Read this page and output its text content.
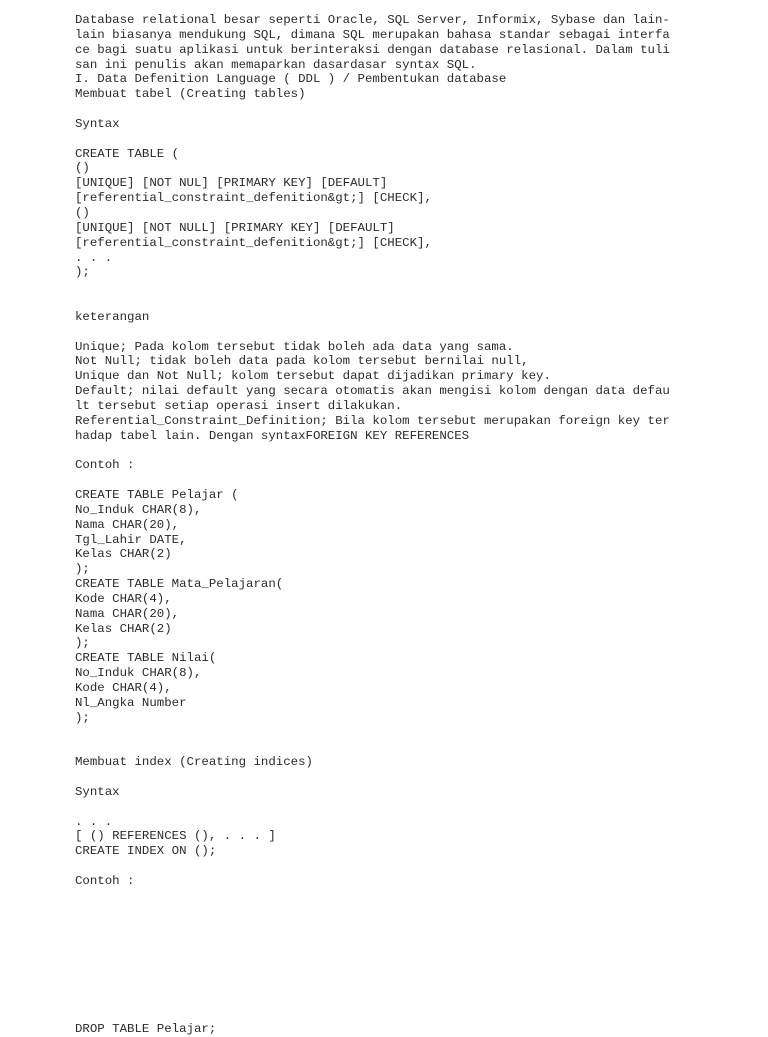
Database relational besar seperti Oracle, SQL Server, Informix, Sybase dan lain-
lain biasanya mendukung SQL, dimana SQL merupakan bahasa standar sebagai interfa
ce bagi suatu aplikasi untuk berinteraksi dengan database relasional. Dalam tuli
san ini penulis akan memaparkan dasardasar syntax SQL.
I. Data Defenition Language ( DDL ) / Pembentukan database
Membuat tabel (Creating tables)
Syntax
CREATE TABLE (
()
[UNIQUE] [NOT NUL] [PRIMARY KEY] [DEFAULT]
[referential_constraint_defenition&gt;] [CHECK],
()
[UNIQUE] [NOT NULL] [PRIMARY KEY] [DEFAULT]
[referential_constraint_defenition&gt;] [CHECK],
. . .
);
keterangan
Unique; Pada kolom tersebut tidak boleh ada data yang sama.
Not Null; tidak boleh data pada kolom tersebut bernilai null,
Unique dan Not Null; kolom tersebut dapat dijadikan primary key.
Default; nilai default yang secara otomatis akan mengisi kolom dengan data defau
lt tersebut setiap operasi insert dilakukan.
Referential_Constraint_Definition; Bila kolom tersebut merupakan foreign key ter
hadap tabel lain. Dengan syntaxFOREIGN KEY REFERENCES
Contoh :
CREATE TABLE Pelajar (
No_Induk CHAR(8),
Nama CHAR(20),
Tgl_Lahir DATE,
Kelas CHAR(2)
);
CREATE TABLE Mata_Pelajaran(
Kode CHAR(4),
Nama CHAR(20),
Kelas CHAR(2)
);
CREATE TABLE Nilai(
No_Induk CHAR(8),
Kode CHAR(4),
Nl_Angka Number
);
Membuat index (Creating indices)
Syntax
. . .
[ () REFERENCES (), . . . ]
CREATE INDEX ON ();
Contoh :
DROP TABLE Pelajar;
